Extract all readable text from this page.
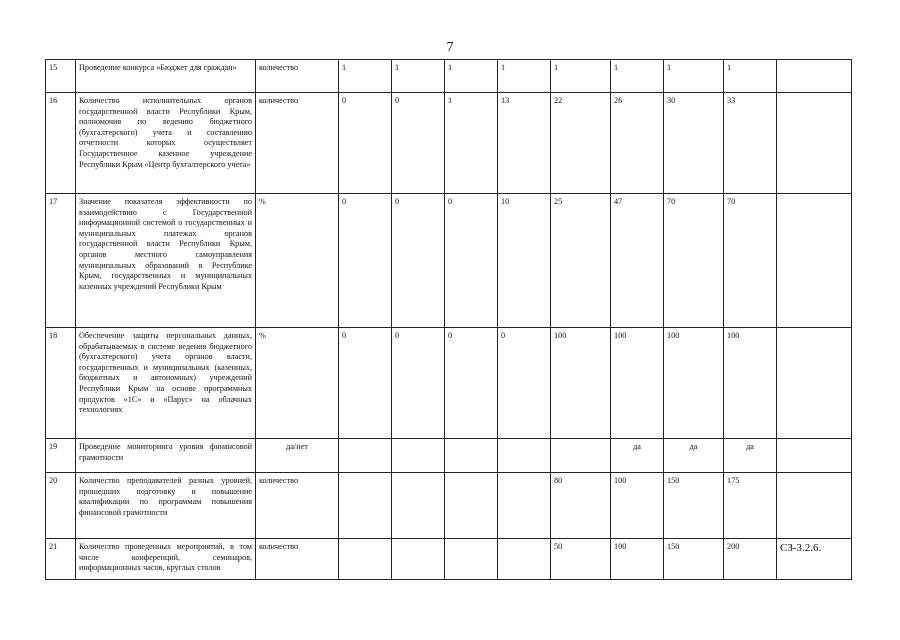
7
15	Проведение конкурса «Бюджет для граждан»	количество	1	1	1	1	1	1	1	1	
16	Количество исполнительных органов государственной власти Республики Крым, полномочия по ведению бюджетного (бухгалтерского) учета и составлению отчетности которых осуществляет Государственное казенное учреждение Республики Крым «Центр бухгалтерского учета»	количество	0	0	1	13	22	26	30	33	
17	Значение показателя эффективности по взаимодействию с Государственной информационной системой о государственных и муниципальных платежах органов государственной власти Республики Крым, органов местного самоуправления муниципальных образований в Республике Крым, государственных и муниципальных казенных учреждений Республики Крым	%	0	0	0	10	25	47	70	70	
18	Обеспечение защиты персональных данных, обрабатываемых в системе ведения бюджетного (бухгалтерского) учета органов власти, государственных и муниципальных (казенных, бюджетных и автономных) учреждений Республики Крым на основе программных продуктов «1С» и «Парус» на облачных технологиях	%	0	0	0	0	100	100	100	100	
19	Проведение мониторинга уровня финансовой грамотности	да/нет						да	да	да	
20	Количество преподавателей разных уровней, прошедших подготовку и повышение квалификации по программам повышения финансовой грамотности	количество					80	100	150	175	
21	Количество проведенных мероприятий, в том числе конференций, семинаров, информационных часов, круглых столов	количество					50	100	150	200	СЗ-3.2.6.
